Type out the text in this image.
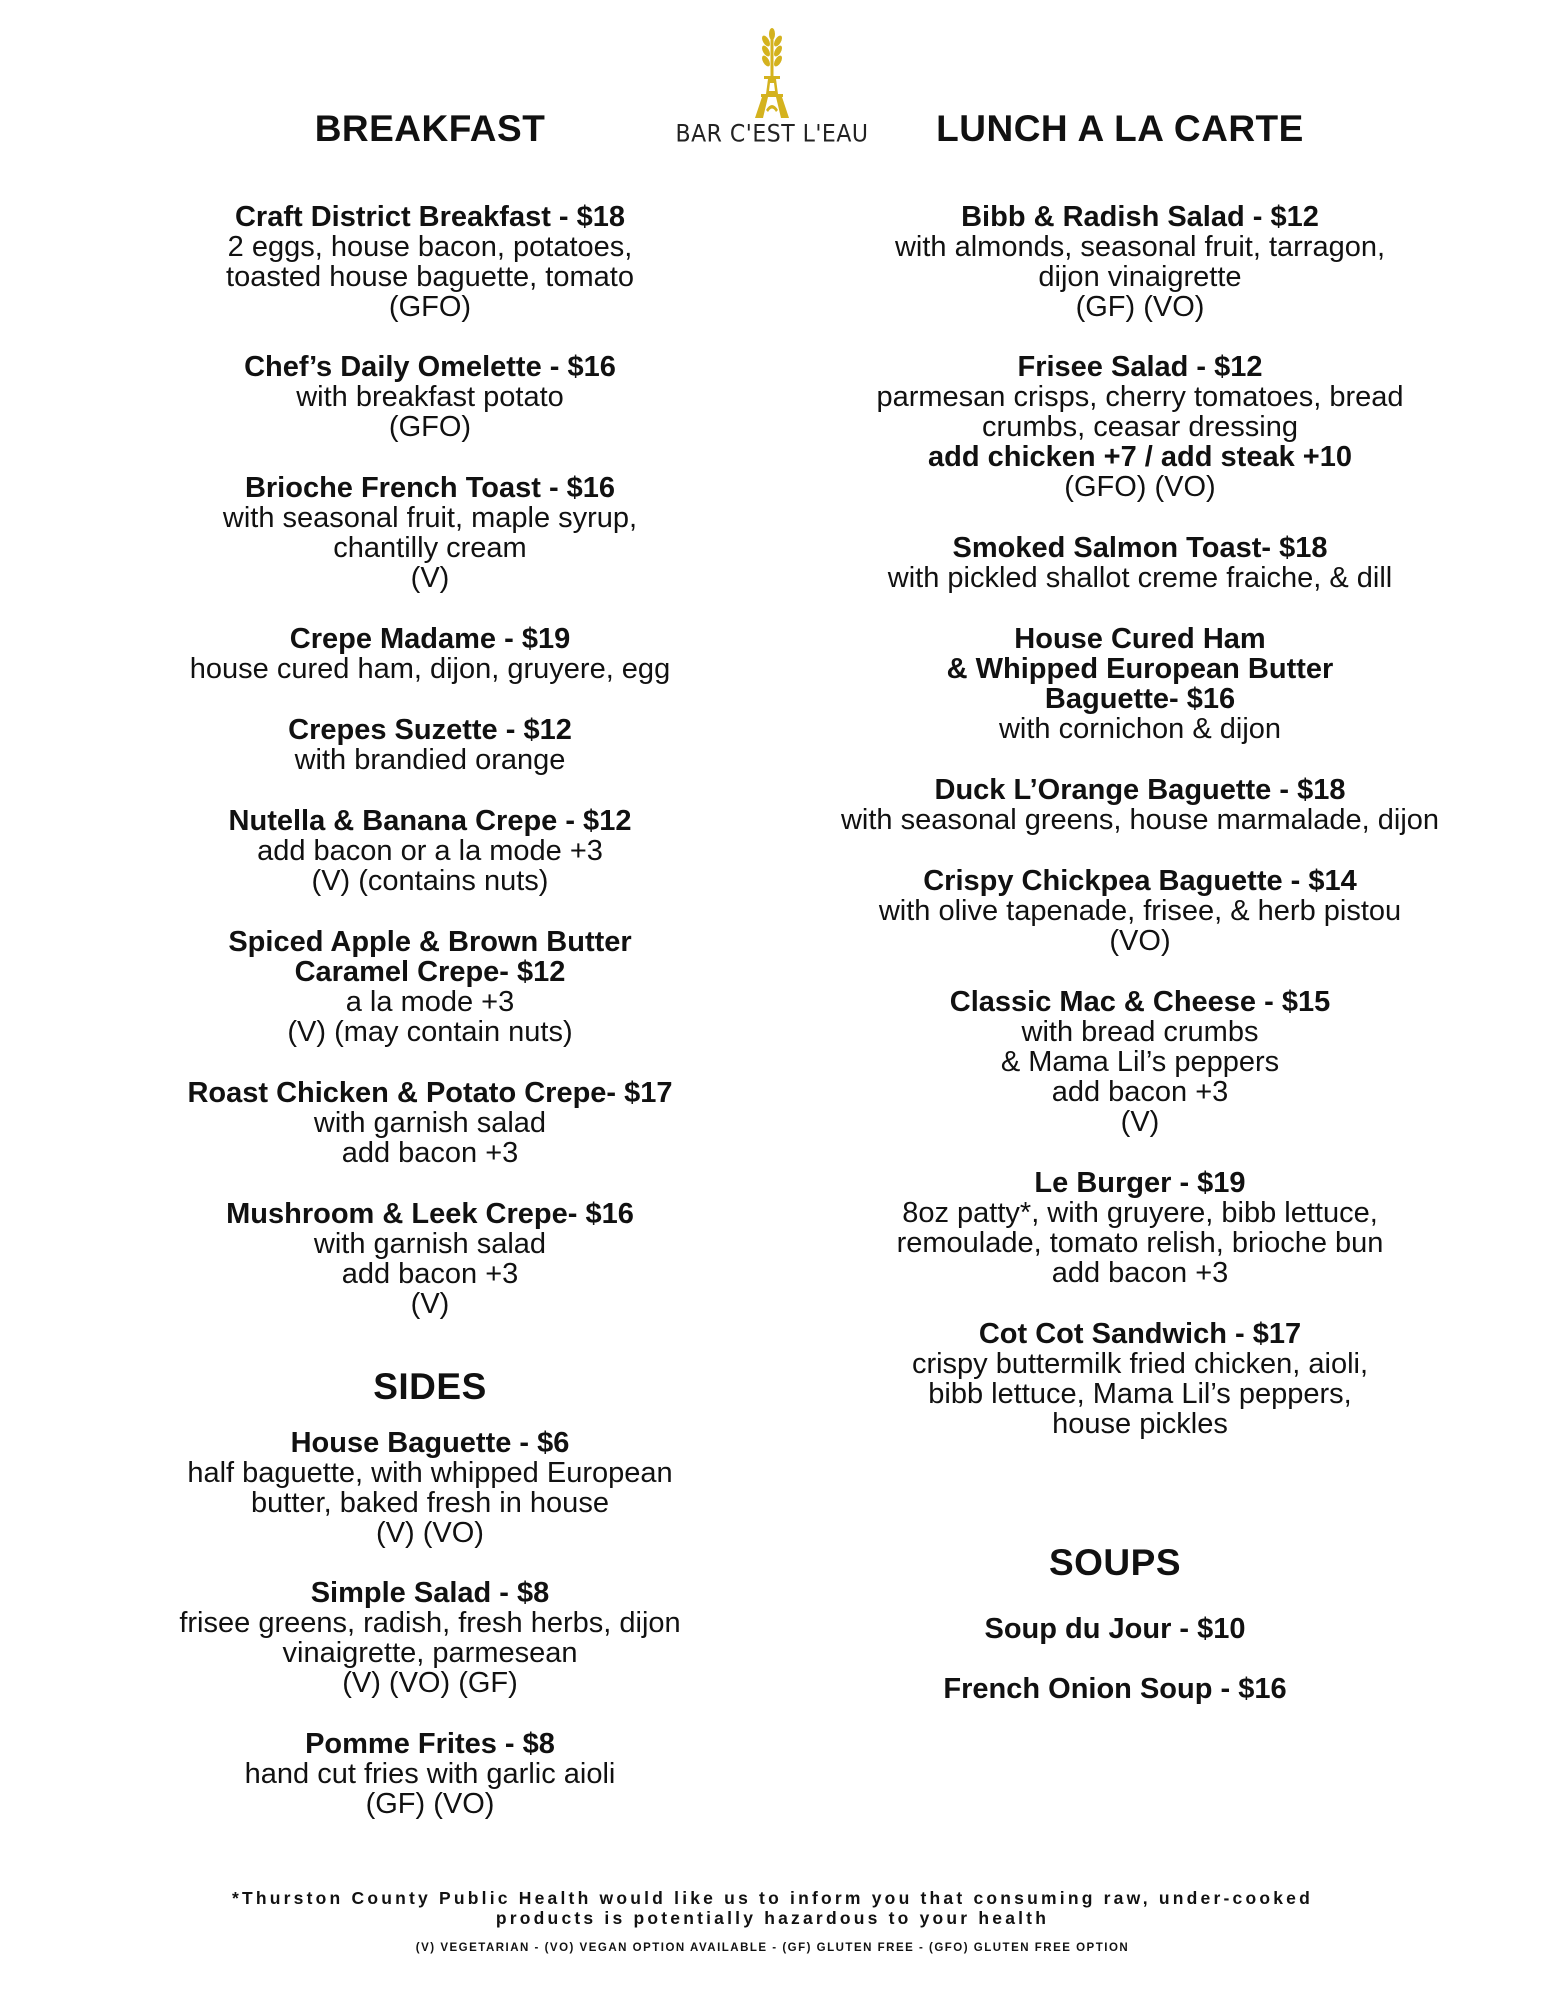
BAR C'EST L'EAU
BREAKFAST
Craft District Breakfast - $18
2 eggs, house bacon, potatoes,
toasted house baguette, tomato
(GFO)
Chef’s Daily Omelette - $16
with breakfast potato
(GFO)
Brioche French Toast - $16
with seasonal fruit, maple syrup,
chantilly cream
(V)
Crepe Madame - $19
house cured ham, dijon, gruyere, egg
Crepes Suzette - $12
with brandied orange
Nutella & Banana Crepe - $12
add bacon or a la mode +3
(V) (contains nuts)
Spiced Apple & Brown Butter
Caramel Crepe- $12
a la mode +3
(V) (may contain nuts)
Roast Chicken & Potato Crepe- $17
with garnish salad
add bacon +3
Mushroom & Leek Crepe- $16
with garnish salad
add bacon +3
(V)
SIDES
House Baguette - $6
half baguette, with whipped European
butter, baked fresh in house
(V) (VO)
Simple Salad - $8
frisee greens, radish, fresh herbs, dijon
vinaigrette, parmesean
(V) (VO) (GF)
Pomme Frites - $8
hand cut fries with garlic aioli
(GF) (VO)
LUNCH A LA CARTE
Bibb & Radish Salad - $12
with almonds, seasonal fruit, tarragon,
dijon vinaigrette
(GF) (VO)
Frisee Salad - $12
parmesan crisps, cherry tomatoes, bread
crumbs, ceasar dressing
add chicken +7 / add steak +10
(GFO) (VO)
Smoked Salmon Toast- $18
with pickled shallot creme fraiche, & dill
House Cured Ham
& Whipped European Butter
Baguette- $16
with cornichon & dijon
Duck L’Orange Baguette - $18
with seasonal greens, house marmalade, dijon
Crispy Chickpea Baguette - $14
with olive tapenade, frisee, & herb pistou
(VO)
Classic Mac & Cheese - $15
with bread crumbs
& Mama Lil’s peppers
add bacon +3
(V)
Le Burger - $19
8oz patty*, with gruyere, bibb lettuce,
remoulade, tomato relish, brioche bun
add bacon +3
Cot Cot Sandwich - $17
crispy buttermilk fried chicken, aioli,
bibb lettuce, Mama Lil’s peppers,
house pickles
SOUPS
Soup du Jour - $10
French Onion Soup - $16
*Thurston County Public Health would like us to inform you that consuming raw, under-cooked
products is potentially hazardous to your health
(V) VEGETARIAN - (VO) VEGAN OPTION AVAILABLE - (GF) GLUTEN FREE - (GFO) GLUTEN FREE OPTION
